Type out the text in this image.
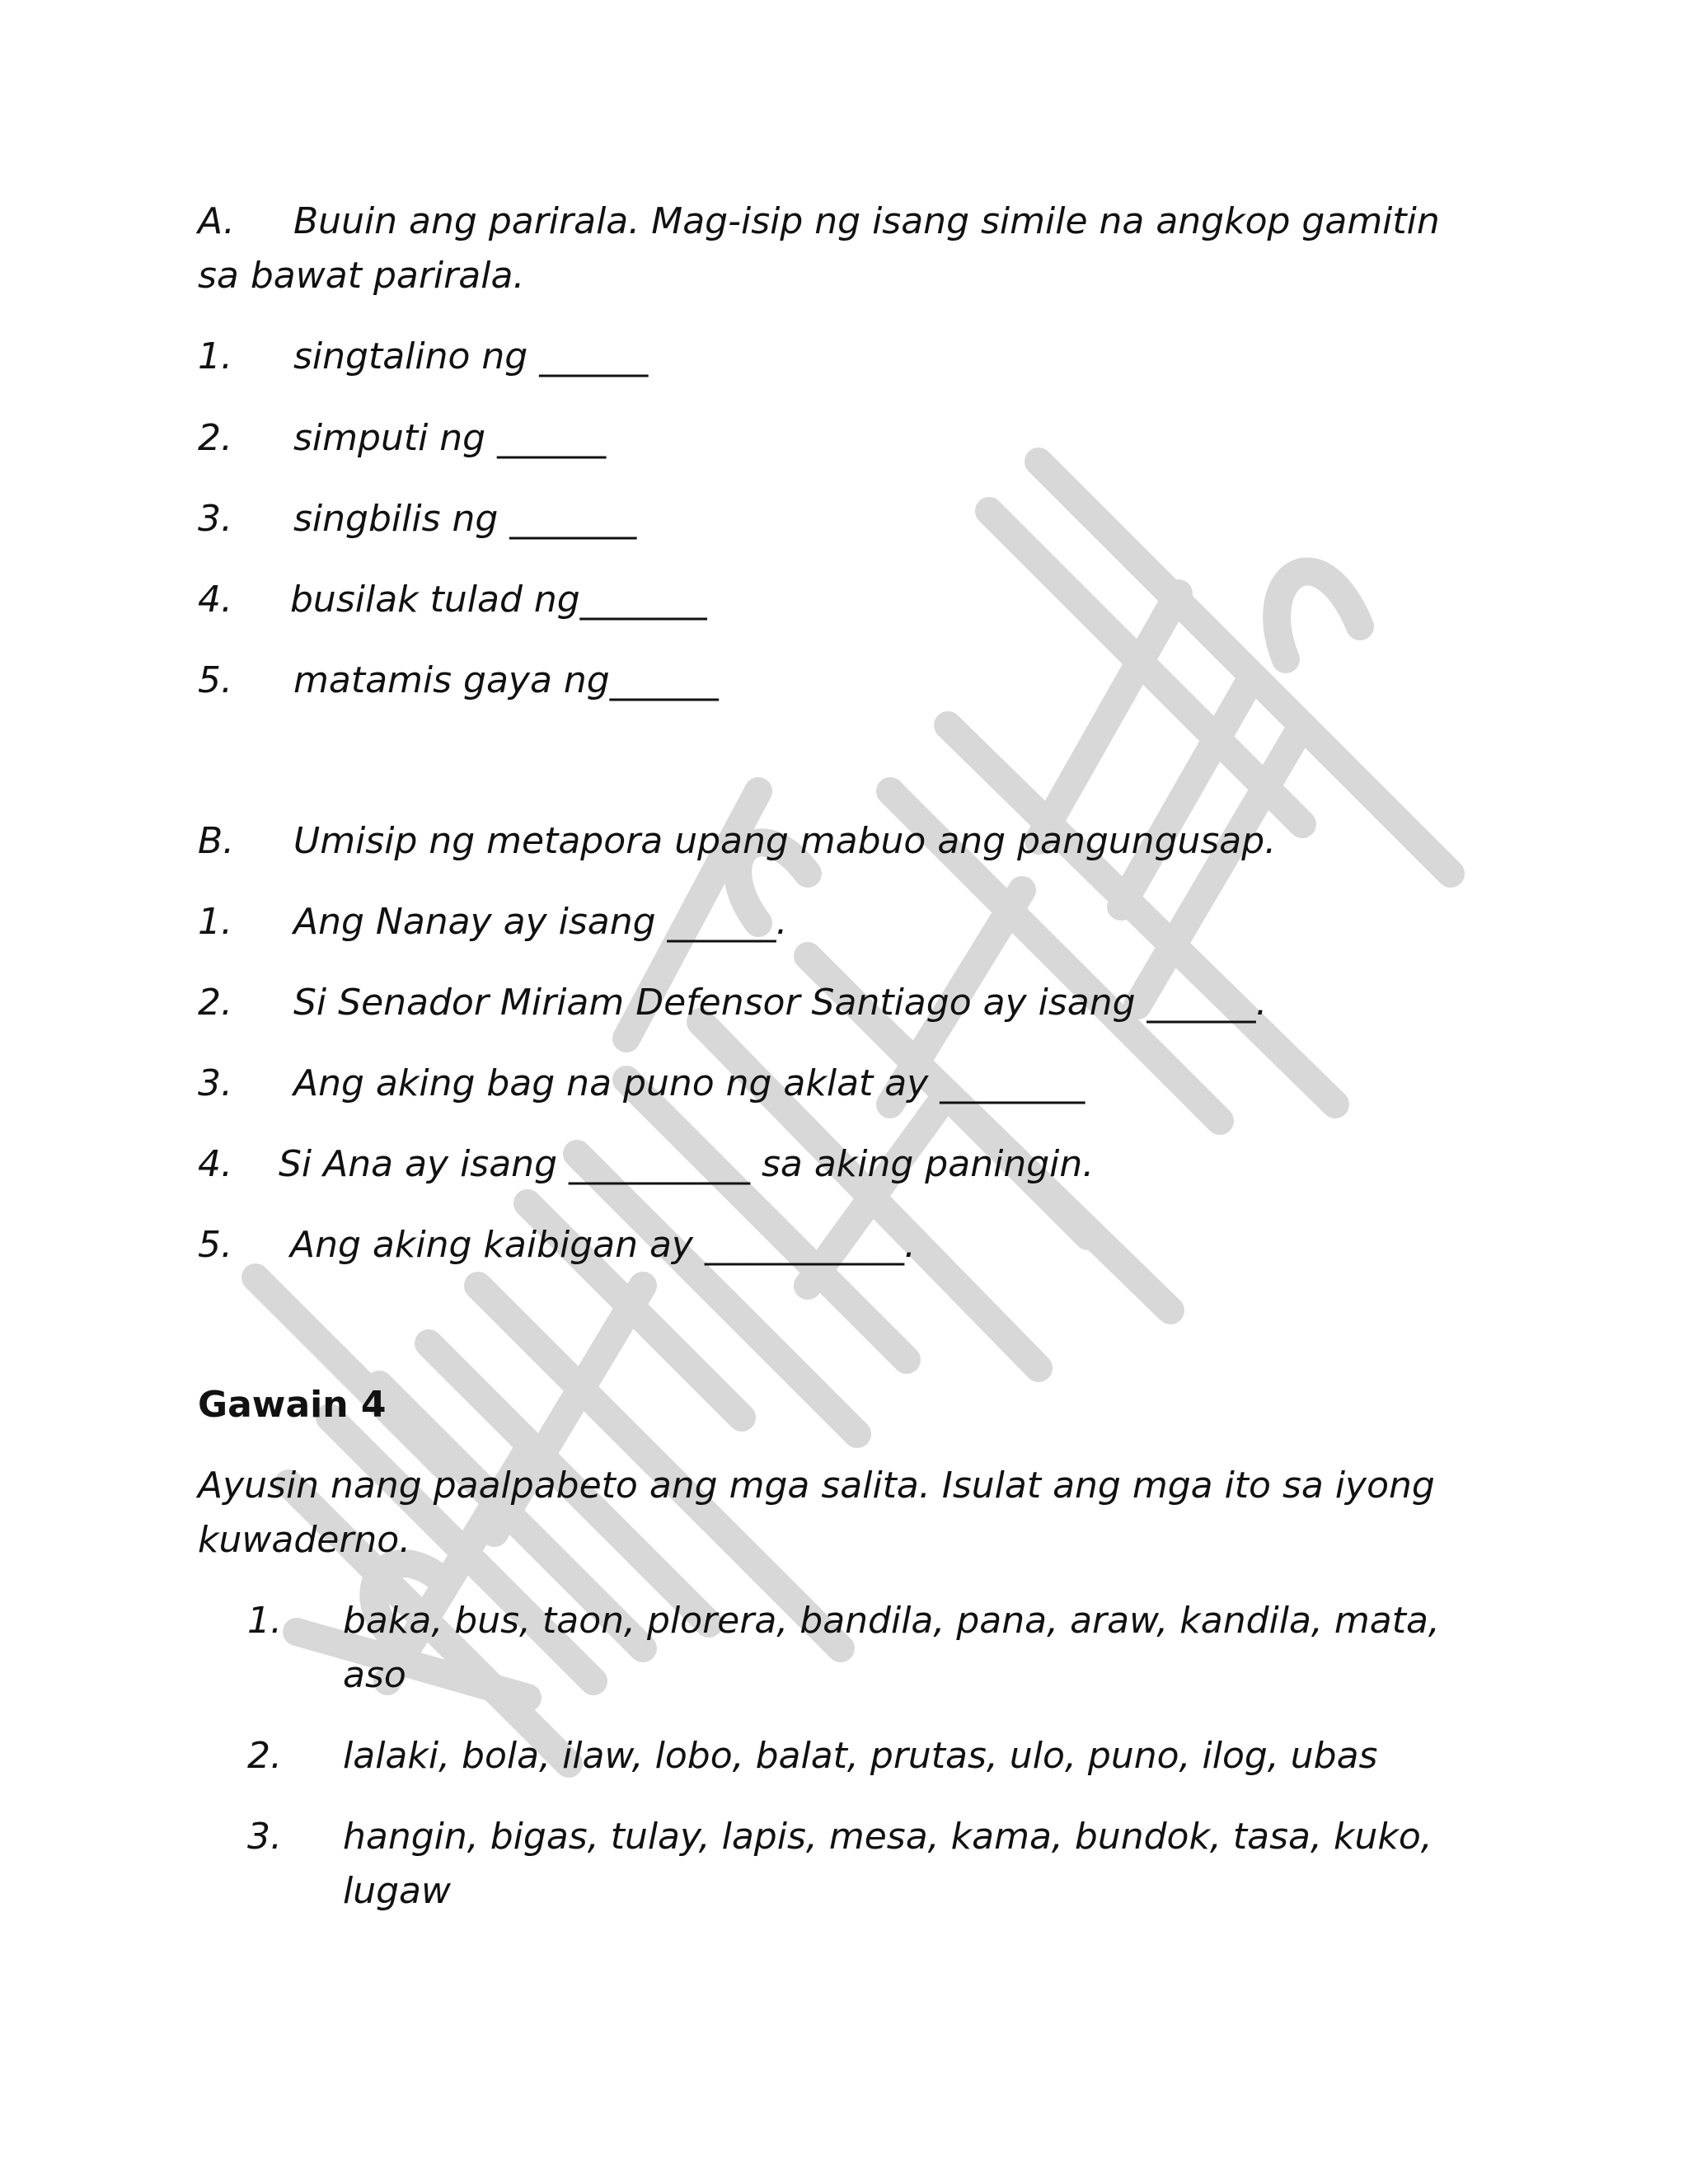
A. Buuin ang parirala. Mag-isip ng isang simile na angkop gamitin sa bawat parirala.
1. singtalino ng ______
2. simputi ng ______
3. singbilis ng _______
4. busilak tulad ng_______
5. matamis gaya ng______
B. Umisip ng metapora upang mabuo ang pangungusap.
1. Ang Nanay ay isang ______.
2. Si Senador Miriam Defensor Santiago ay isang ______.
3. Ang aking bag na puno ng aklat ay ________
4. Si Ana ay isang __________ sa aking paningin.
5. Ang aking kaibigan ay ___________.
Gawain 4
Ayusin nang paalpabeto ang mga salita. Isulat ang mga ito sa iyong kuwaderno.
1. baka, bus, taon, plorera, bandila, pana, araw, kandila, mata, aso
2. lalaki, bola, ilaw, lobo, balat, prutas, ulo, puno, ilog, ubas
3. hangin, bigas, tulay, lapis, mesa, kama, bundok, tasa, kuko, lugaw
